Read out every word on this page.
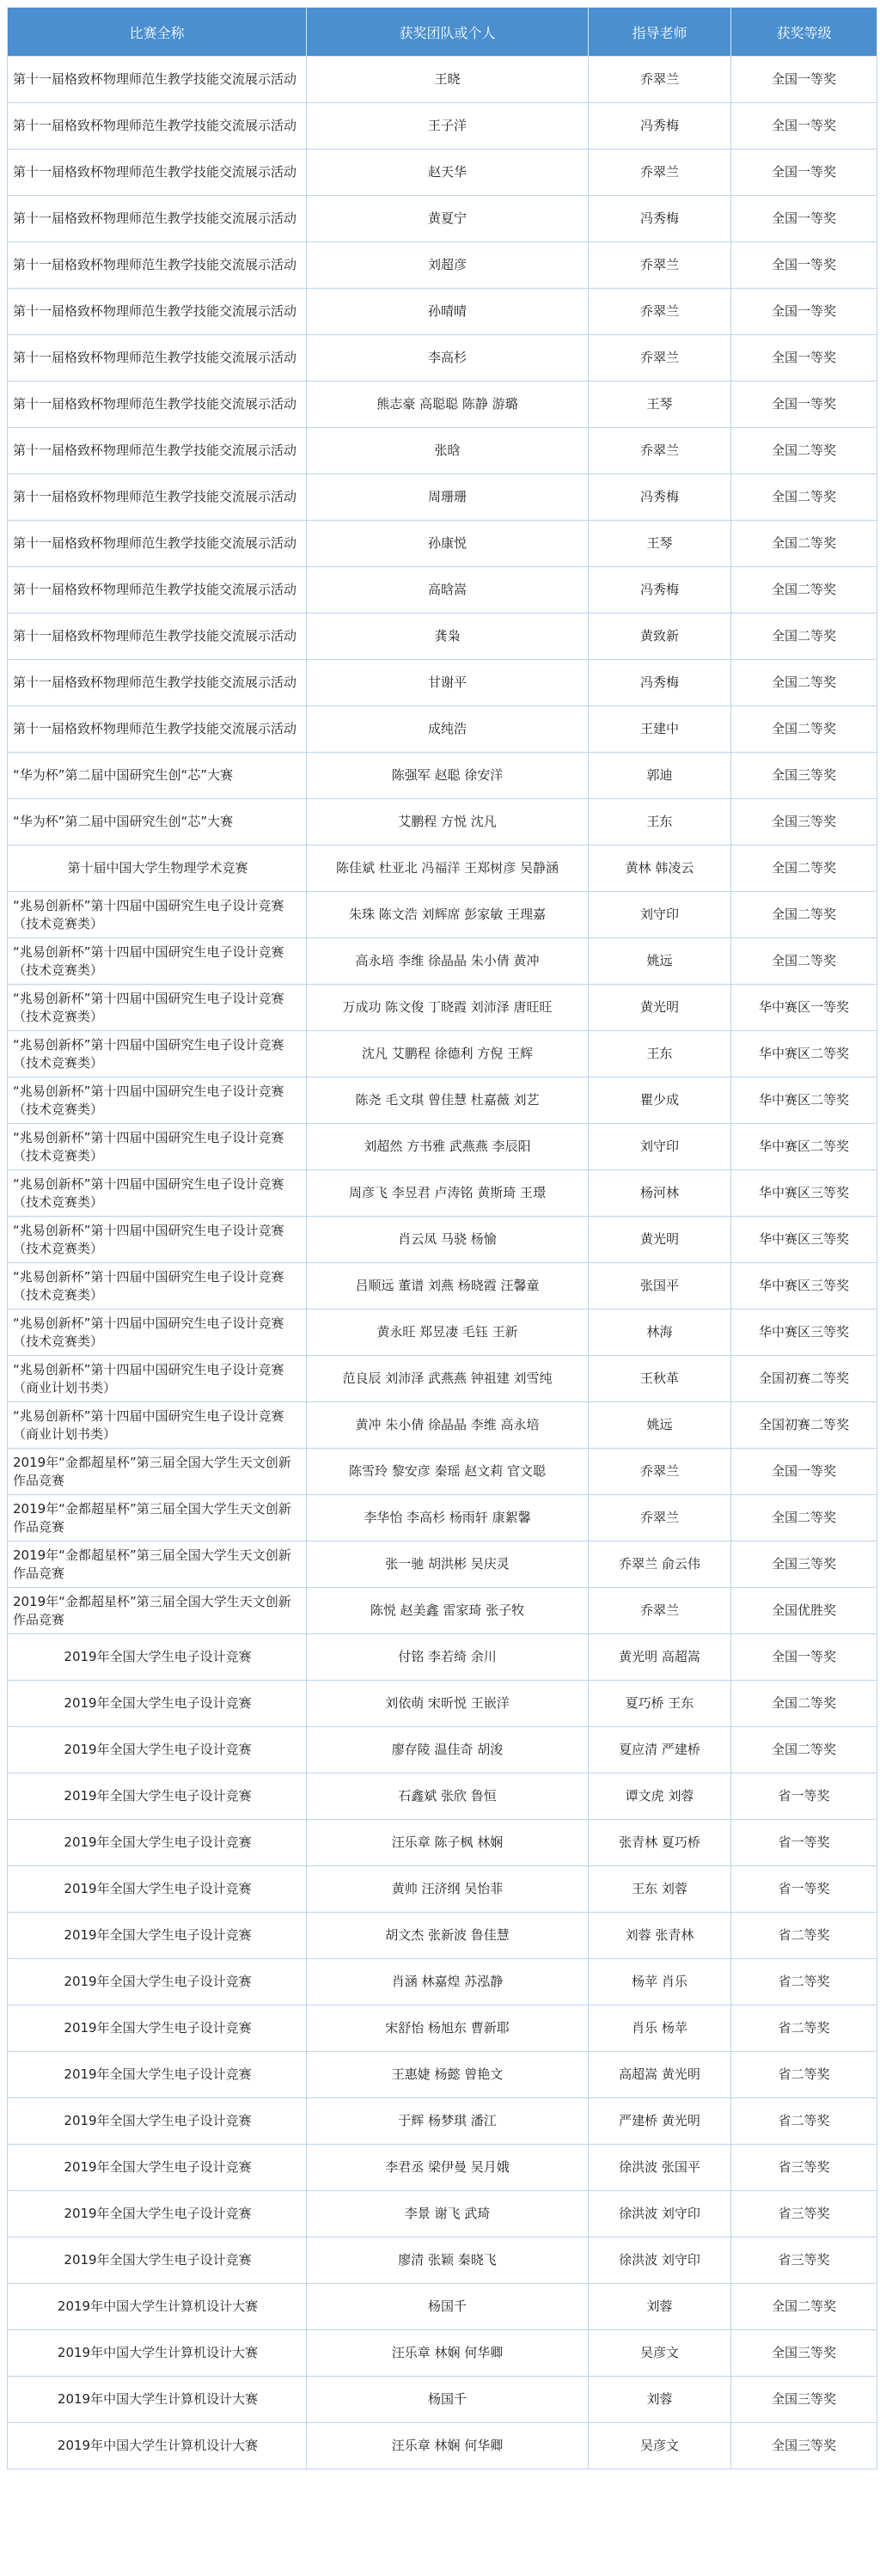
比赛全称	获奖团队或个人	指导老师	获奖等级
第十一届格致杯物理师范生教学技能交流展示活动	王晓	乔翠兰	全国一等奖
第十一届格致杯物理师范生教学技能交流展示活动	王子洋	冯秀梅	全国一等奖
第十一届格致杯物理师范生教学技能交流展示活动	赵天华	乔翠兰	全国一等奖
第十一届格致杯物理师范生教学技能交流展示活动	黄夏宁	冯秀梅	全国一等奖
第十一届格致杯物理师范生教学技能交流展示活动	刘超彦	乔翠兰	全国一等奖
第十一届格致杯物理师范生教学技能交流展示活动	孙晴晴	乔翠兰	全国一等奖
第十一届格致杯物理师范生教学技能交流展示活动	李高杉	乔翠兰	全国一等奖
第十一届格致杯物理师范生教学技能交流展示活动	熊志豪 高聪聪 陈静 游璐	王琴	全国一等奖
第十一届格致杯物理师范生教学技能交流展示活动	张晗	乔翠兰	全国二等奖
第十一届格致杯物理师范生教学技能交流展示活动	周珊珊	冯秀梅	全国二等奖
第十一届格致杯物理师范生教学技能交流展示活动	孙康悦	王琴	全国二等奖
第十一届格致杯物理师范生教学技能交流展示活动	高晗嵩	冯秀梅	全国二等奖
第十一届格致杯物理师范生教学技能交流展示活动	龚枭	黄致新	全国二等奖
第十一届格致杯物理师范生教学技能交流展示活动	甘谢平	冯秀梅	全国二等奖
第十一届格致杯物理师范生教学技能交流展示活动	成纯浩	王建中	全国二等奖
“华为杯”第二届中国研究生创“芯”大赛	陈强军 赵聪 徐安洋	郭迪	全国三等奖
“华为杯”第二届中国研究生创“芯”大赛	艾鹏程 方悦 沈凡	王东	全国三等奖
第十届中国大学生物理学术竞赛	陈佳斌 杜亚北 冯福洋 王郑树彦 吴静涵	黄林 韩凌云	全国二等奖
“兆易创新杯”第十四届中国研究生电子设计竞赛（技术竞赛类）	朱珠 陈文浩 刘辉席 彭家敏 王理嘉	刘守印	全国二等奖
“兆易创新杯”第十四届中国研究生电子设计竞赛（技术竞赛类）	高永培 李维 徐晶晶 朱小倩 黄冲	姚远	全国二等奖
“兆易创新杯”第十四届中国研究生电子设计竞赛（技术竞赛类）	万成功 陈文俊 丁晓霞 刘沛泽 唐旺旺	黄光明	华中赛区一等奖
“兆易创新杯”第十四届中国研究生电子设计竞赛（技术竞赛类）	沈凡 艾鹏程 徐德利 方倪 王辉	王东	华中赛区二等奖
“兆易创新杯”第十四届中国研究生电子设计竞赛（技术竞赛类）	陈尧 毛文琪 曾佳慧 杜嘉薇 刘艺	瞿少成	华中赛区二等奖
“兆易创新杯”第十四届中国研究生电子设计竞赛（技术竞赛类）	刘超然 方书雅 武燕燕 李辰阳	刘守印	华中赛区二等奖
“兆易创新杯”第十四届中国研究生电子设计竞赛（技术竞赛类）	周彦飞 李昱君 卢涛铭 黄斯琦 王璟	杨河林	华中赛区三等奖
“兆易创新杯”第十四届中国研究生电子设计竞赛（技术竞赛类）	肖云凤 马骁 杨愉	黄光明	华中赛区三等奖
“兆易创新杯”第十四届中国研究生电子设计竞赛（技术竞赛类）	吕顺远 董谱 刘燕 杨晓霞 汪馨童	张国平	华中赛区三等奖
“兆易创新杯”第十四届中国研究生电子设计竞赛（技术竞赛类）	黄永旺 郑昱凄 毛钰 王新	林海	华中赛区三等奖
“兆易创新杯”第十四届中国研究生电子设计竞赛（商业计划书类）	范良辰 刘沛泽 武燕燕 钟祖建 刘雪纯	王秋革	全国初赛二等奖
“兆易创新杯”第十四届中国研究生电子设计竞赛（商业计划书类）	黄冲 朱小倩 徐晶晶 李维 高永培	姚远	全国初赛二等奖
2019年“金都超星杯”第三届全国大学生天文创新作品竞赛	陈雪玲 黎安彦 秦瑶 赵文莉 官文聪	乔翠兰	全国一等奖
2019年“金都超星杯”第三届全国大学生天文创新作品竞赛	李华怡 李高杉 杨雨轩 康絮馨	乔翠兰	全国二等奖
2019年“金都超星杯”第三届全国大学生天文创新作品竞赛	张一驰 胡洪彬 吴庆灵	乔翠兰 俞云伟	全国三等奖
2019年“金都超星杯”第三届全国大学生天文创新作品竞赛	陈悦 赵美鑫 雷家琦 张子牧	乔翠兰	全国优胜奖
2019年全国大学生电子设计竞赛	付铭 李若绮 余川	黄光明 高超嵩	全国一等奖
2019年全国大学生电子设计竞赛	刘依萌 宋昕悦 王嵌洋	夏巧桥 王东	全国二等奖
2019年全国大学生电子设计竞赛	廖存陵 温佳奇 胡浚	夏应清 严建桥	全国二等奖
2019年全国大学生电子设计竞赛	石鑫斌 张欣 鲁恒	谭文虎 刘蓉	省一等奖
2019年全国大学生电子设计竞赛	汪乐章 陈子枫 林娴	张青林 夏巧桥	省一等奖
2019年全国大学生电子设计竞赛	黄帅 汪济纲 吴怡菲	王东 刘蓉	省一等奖
2019年全国大学生电子设计竞赛	胡文杰 张新波 鲁佳慧	刘蓉 张青林	省二等奖
2019年全国大学生电子设计竞赛	肖涵 林嘉煌 苏泓静	杨苹 肖乐	省二等奖
2019年全国大学生电子设计竞赛	宋舒怡 杨旭东 曹新耶	肖乐 杨苹	省二等奖
2019年全国大学生电子设计竞赛	王惠婕 杨懿 曾艳文	高超嵩 黄光明	省二等奖
2019年全国大学生电子设计竞赛	于辉 杨梦琪 潘江	严建桥 黄光明	省二等奖
2019年全国大学生电子设计竞赛	李君丞 梁伊曼 吴月娥	徐洪波 张国平	省三等奖
2019年全国大学生电子设计竞赛	李景 谢飞 武琦	徐洪波 刘守印	省三等奖
2019年全国大学生电子设计竞赛	廖清 张颖 秦晓飞	徐洪波 刘守印	省三等奖
2019年中国大学生计算机设计大赛	杨国千	刘蓉	全国二等奖
2019年中国大学生计算机设计大赛	汪乐章 林娴 何华卿	吴彦文	全国三等奖
2019年中国大学生计算机设计大赛	杨国千	刘蓉	全国三等奖
2019年中国大学生计算机设计大赛	汪乐章 林娴 何华卿	吴彦文	全国三等奖
